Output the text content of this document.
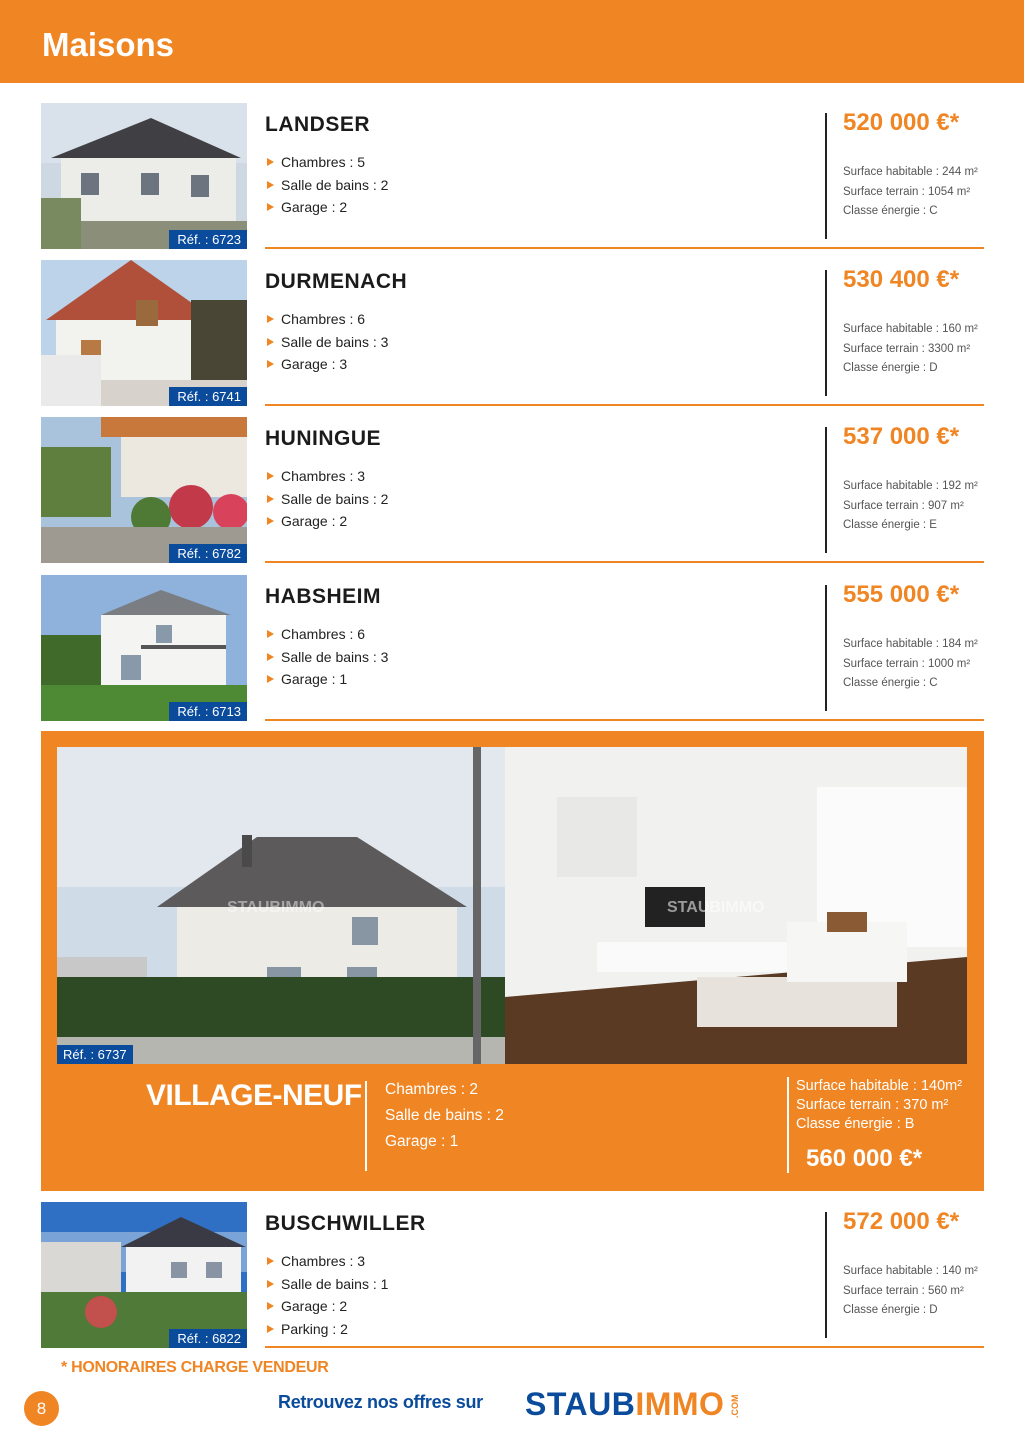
Maisons
Réf. : 6723
LANDSER
Chambres : 5
Salle de bains : 2
Garage : 2
520 000 €*
Surface habitable : 244 m²
Surface terrain : 1054 m²
Classe énergie : C
Réf. : 6741
DURMENACH
Chambres : 6
Salle de bains : 3
Garage : 3
530 400 €*
Surface habitable : 160 m²
Surface terrain : 3300 m²
Classe énergie : D
Réf. : 6782
HUNINGUE
Chambres : 3
Salle de bains : 2
Garage : 2
537 000 €*
Surface habitable : 192 m²
Surface terrain : 907 m²
Classe énergie : E
Réf. : 6713
HABSHEIM
Chambres : 6
Salle de bains : 3
Garage : 1
555 000 €*
Surface habitable : 184 m²
Surface terrain : 1000 m²
Classe énergie : C
STAUBIMMO	STAUBIMMO
Réf. : 6737
VILLAGE-NEUF Chambres : 2
Salle de bains : 2
Garage : 1
Surface habitable : 140m²
Surface terrain : 370 m²
Classe énergie : B
560 000 €*
Réf. : 6822
BUSCHWILLER
Chambres : 3
Salle de bains : 1
Garage : 2
Parking : 2
572 000 €*
Surface habitable : 140 m²
Surface terrain : 560 m²
Classe énergie : D
* HONORAIRES CHARGE VENDEUR
8	Retrouvez nos offres sur STAUBIMMO .COM
